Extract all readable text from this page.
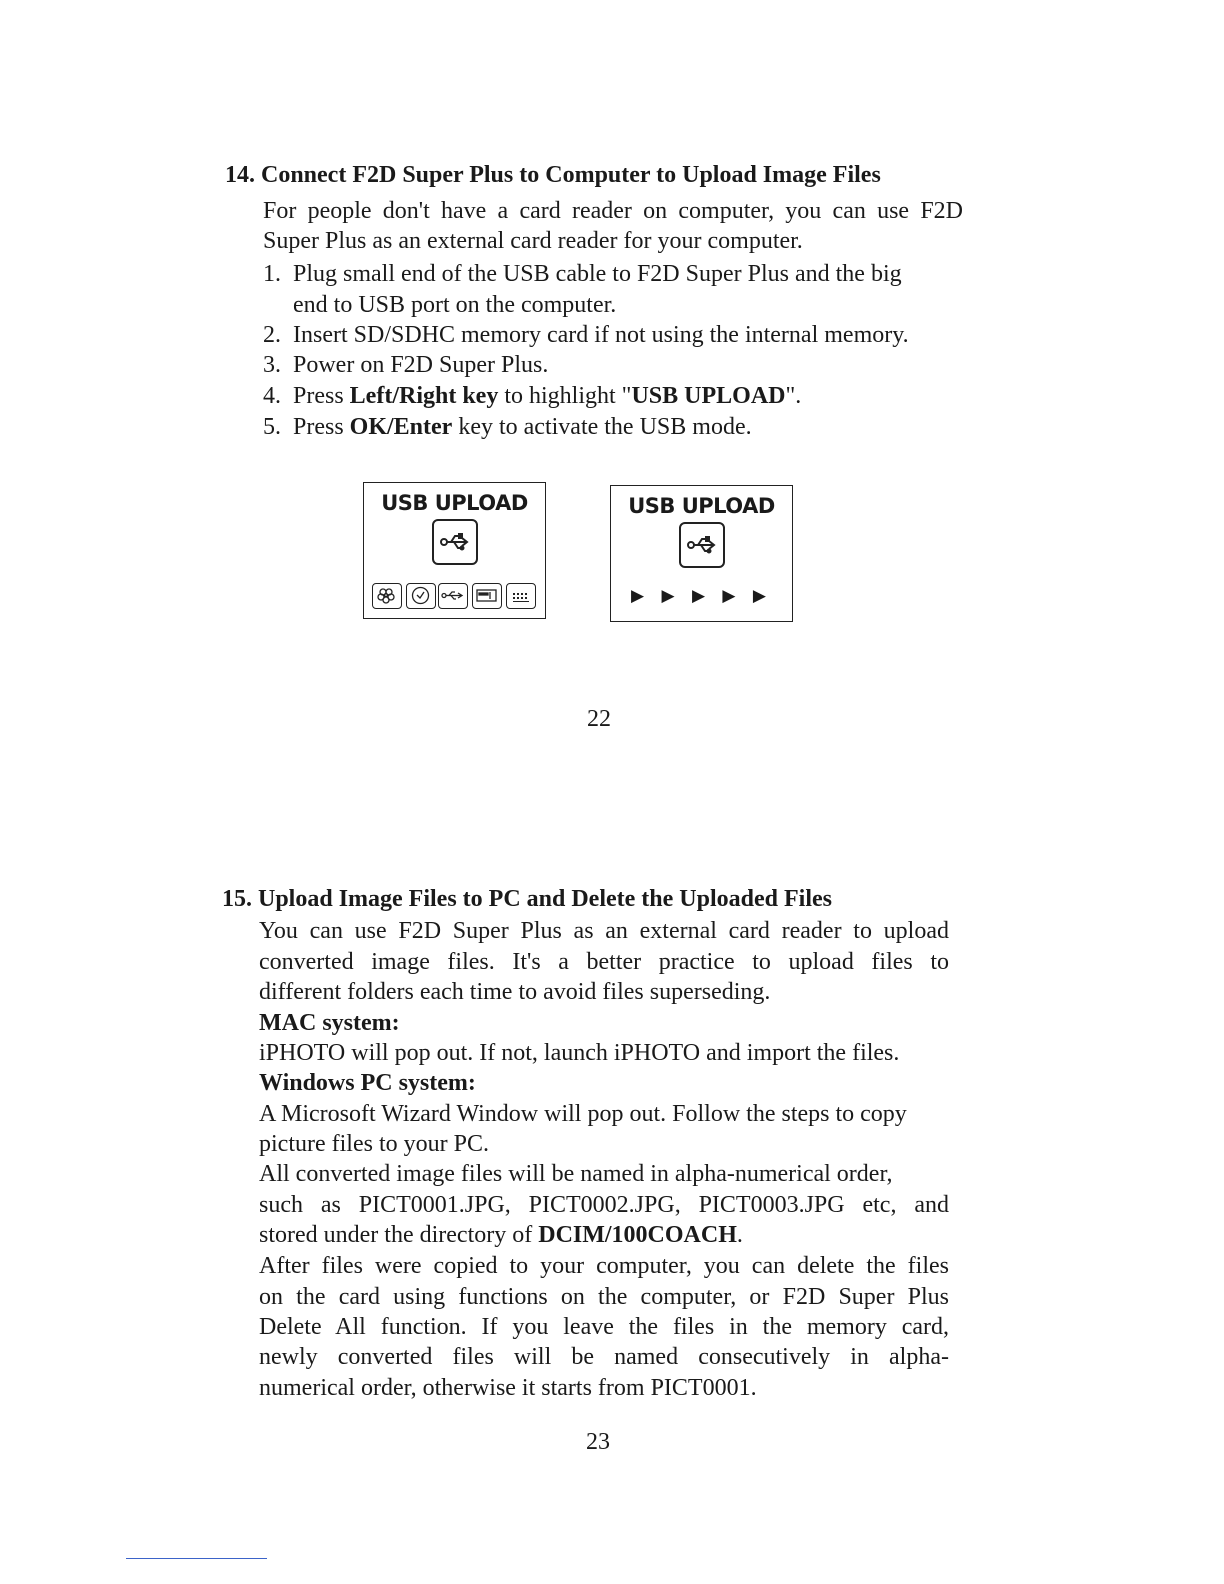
14. Connect F2D Super Plus to Computer to Upload Image Files
For people don't have a card reader on computer, you can use F2D
Super Plus as an external card reader for your computer.
1. Plug small end of the USB cable to F2D Super Plus and the big
end to USB port on the computer.
2. Insert SD/SDHC memory card if not using the internal memory.
3. Power on F2D Super Plus.
4. Press Left/Right key to highlight "USB UPLOAD".
5. Press OK/Enter key to activate the USB mode.
USB UPLOAD	USB UPLOAD
▶ ▶ ▶ ▶ ▶
22
15. Upload Image Files to PC and Delete the Uploaded Files
You can use F2D Super Plus as an external card reader to upload
converted image files. It's a better practice to upload files to
different folders each time to avoid files superseding.
MAC system:
iPHOTO will pop out. If not, launch iPHOTO and import the files.
Windows PC system:
A Microsoft Wizard Window will pop out. Follow the steps to copy
picture files to your PC.
All converted image files will be named in alpha-numerical order,
such as PICT0001.JPG, PICT0002.JPG, PICT0003.JPG etc, and
stored under the directory of DCIM/100COACH.
After files were copied to your computer, you can delete the files
on the card using functions on the computer, or F2D Super Plus
Delete All function. If you leave the files in the memory card,
newly converted files will be named consecutively in alpha-
numerical order, otherwise it starts from PICT0001.
23
